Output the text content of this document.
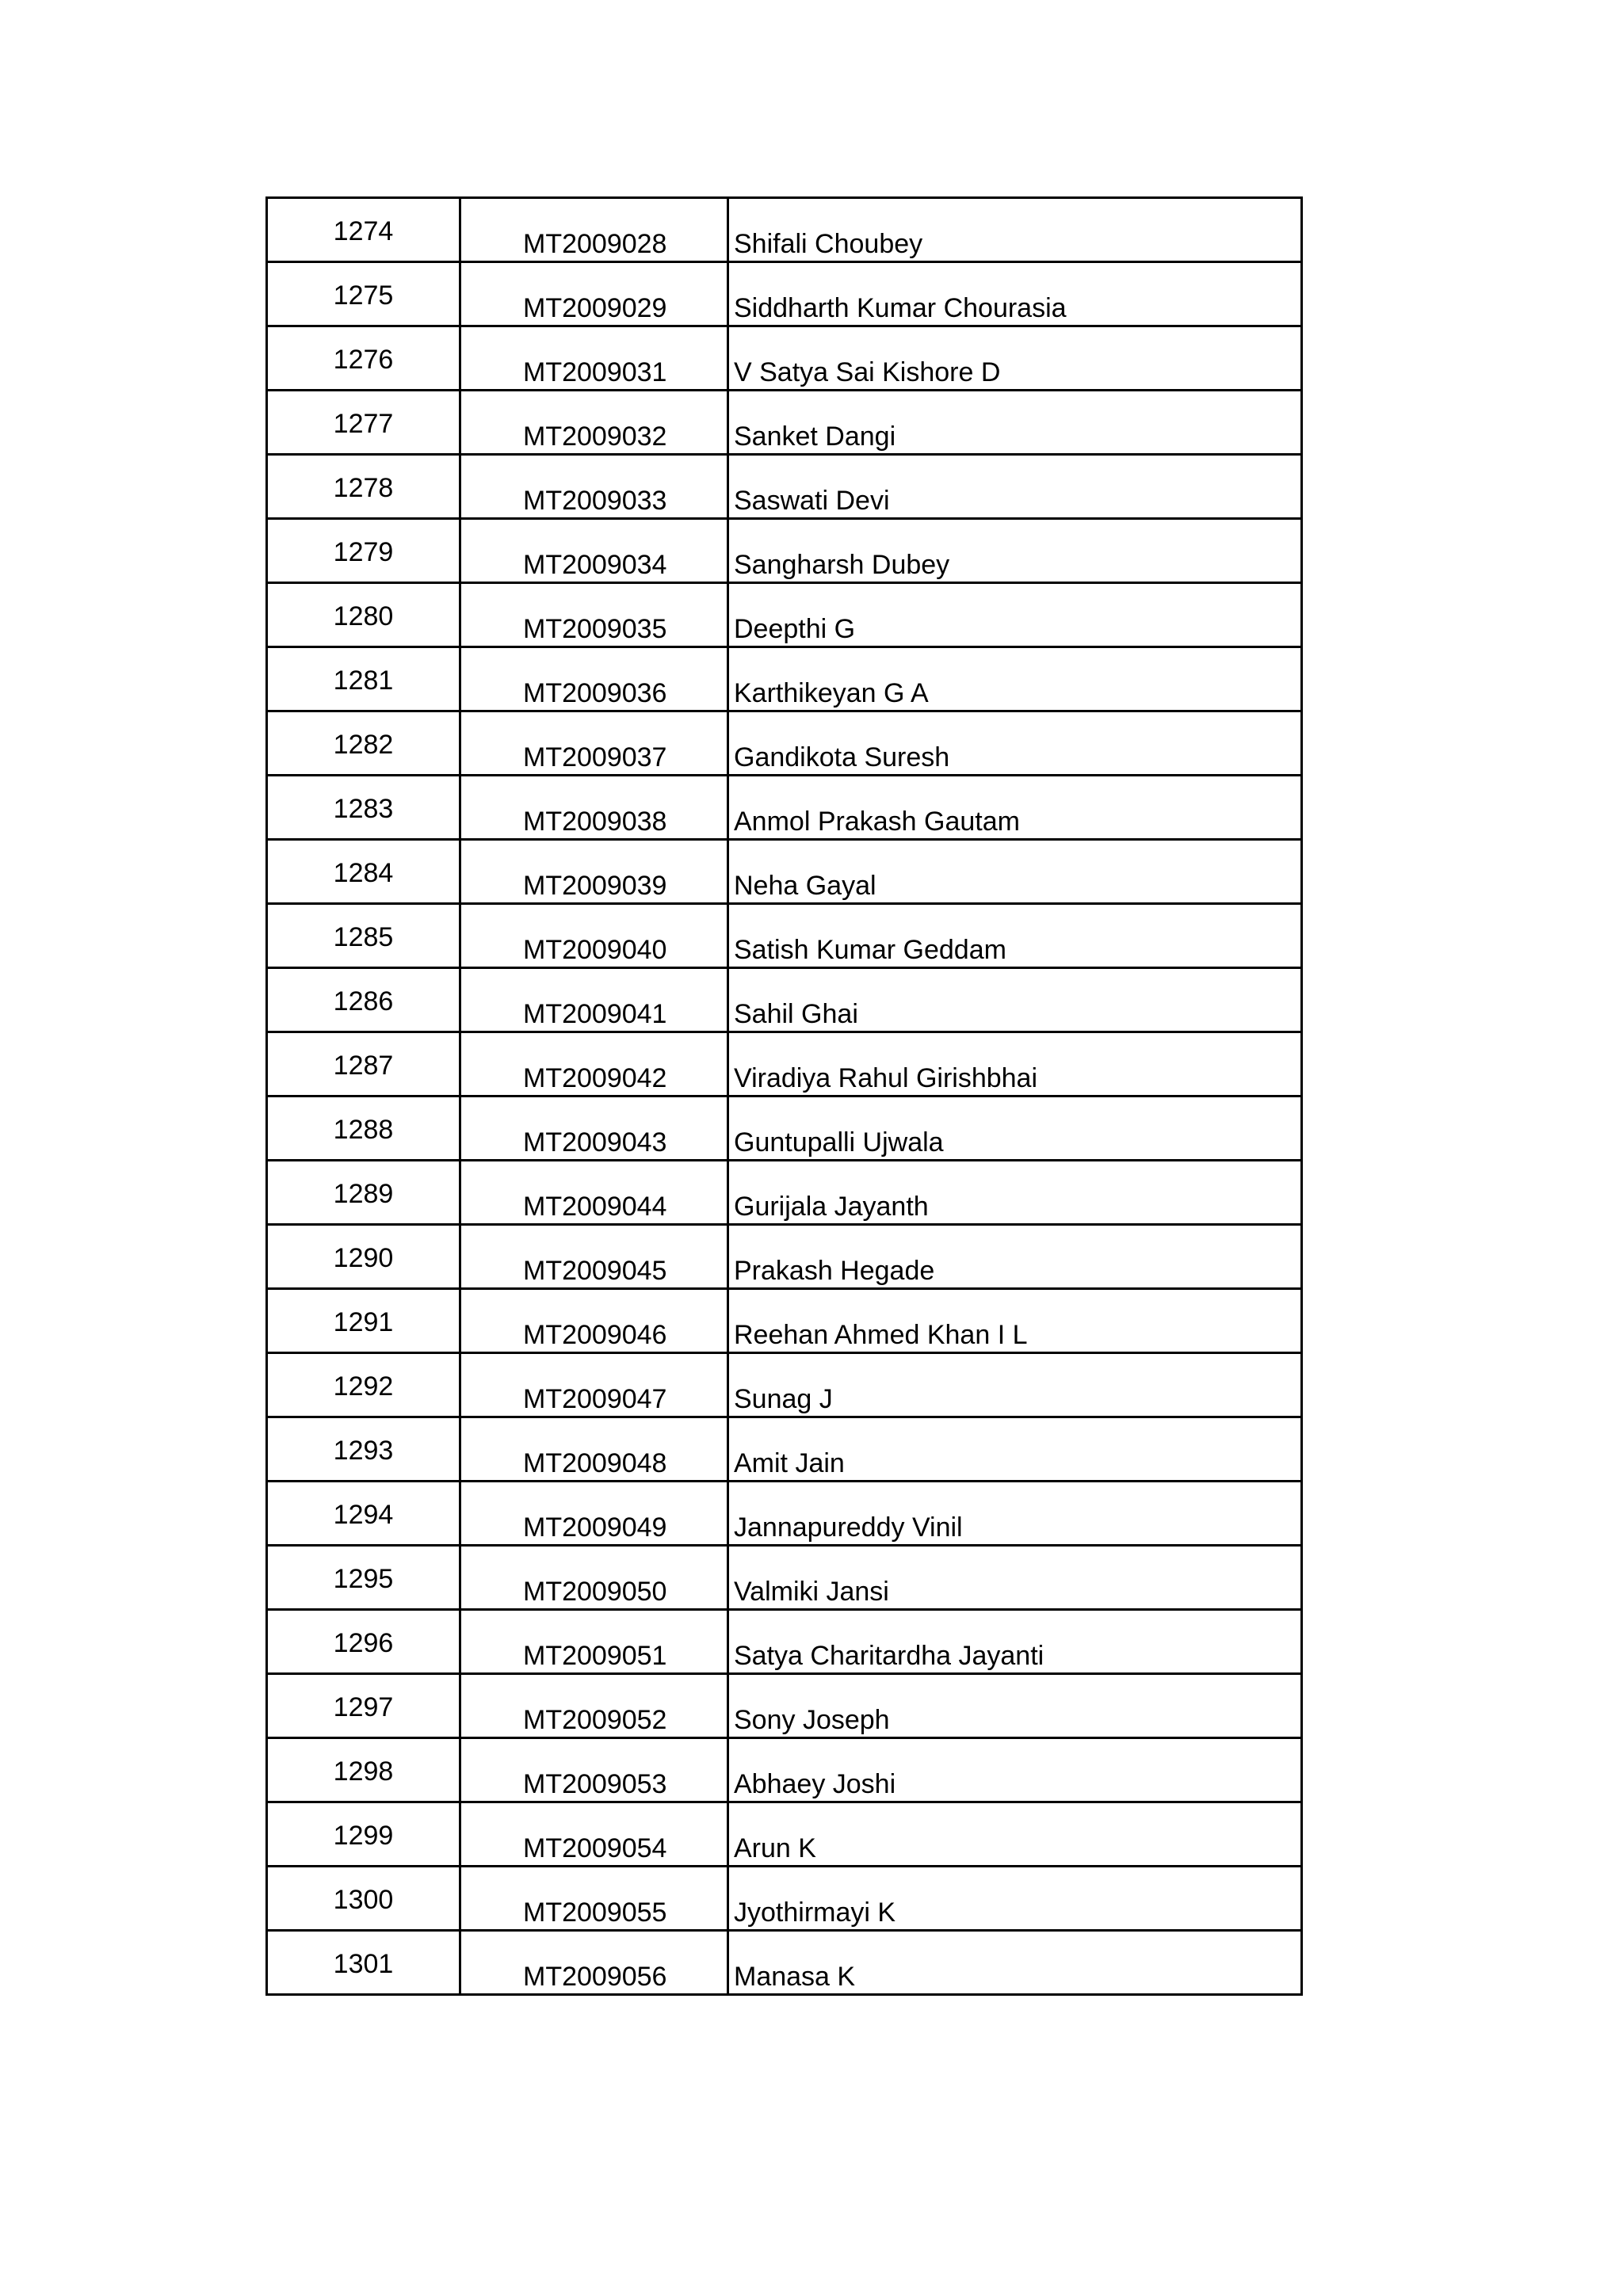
1274	MT2009028	Shifali Choubey

1275	MT2009029	Siddharth Kumar Chourasia

1276	MT2009031	V Satya Sai Kishore D

1277	MT2009032	Sanket Dangi

1278	MT2009033	Saswati Devi

1279	MT2009034	Sangharsh Dubey

1280	MT2009035	Deepthi G

1281	MT2009036	Karthikeyan G A

1282	MT2009037	Gandikota Suresh

1283	MT2009038	Anmol Prakash Gautam

1284	MT2009039	Neha Gayal

1285	MT2009040	Satish Kumar Geddam

1286	MT2009041	Sahil Ghai

1287	MT2009042	Viradiya Rahul Girishbhai

1288	MT2009043	Guntupalli Ujwala

1289	MT2009044	Gurijala Jayanth

1290	MT2009045	Prakash Hegade

1291	MT2009046	Reehan Ahmed Khan I L

1292	MT2009047	Sunag J

1293	MT2009048	Amit Jain

1294	MT2009049	Jannapureddy Vinil

1295	MT2009050	Valmiki Jansi

1296	MT2009051	Satya Charitardha Jayanti

1297	MT2009052	Sony Joseph

1298	MT2009053	Abhaey Joshi

1299	MT2009054	Arun K

1300	MT2009055	Jyothirmayi K

1301	MT2009056	Manasa K
